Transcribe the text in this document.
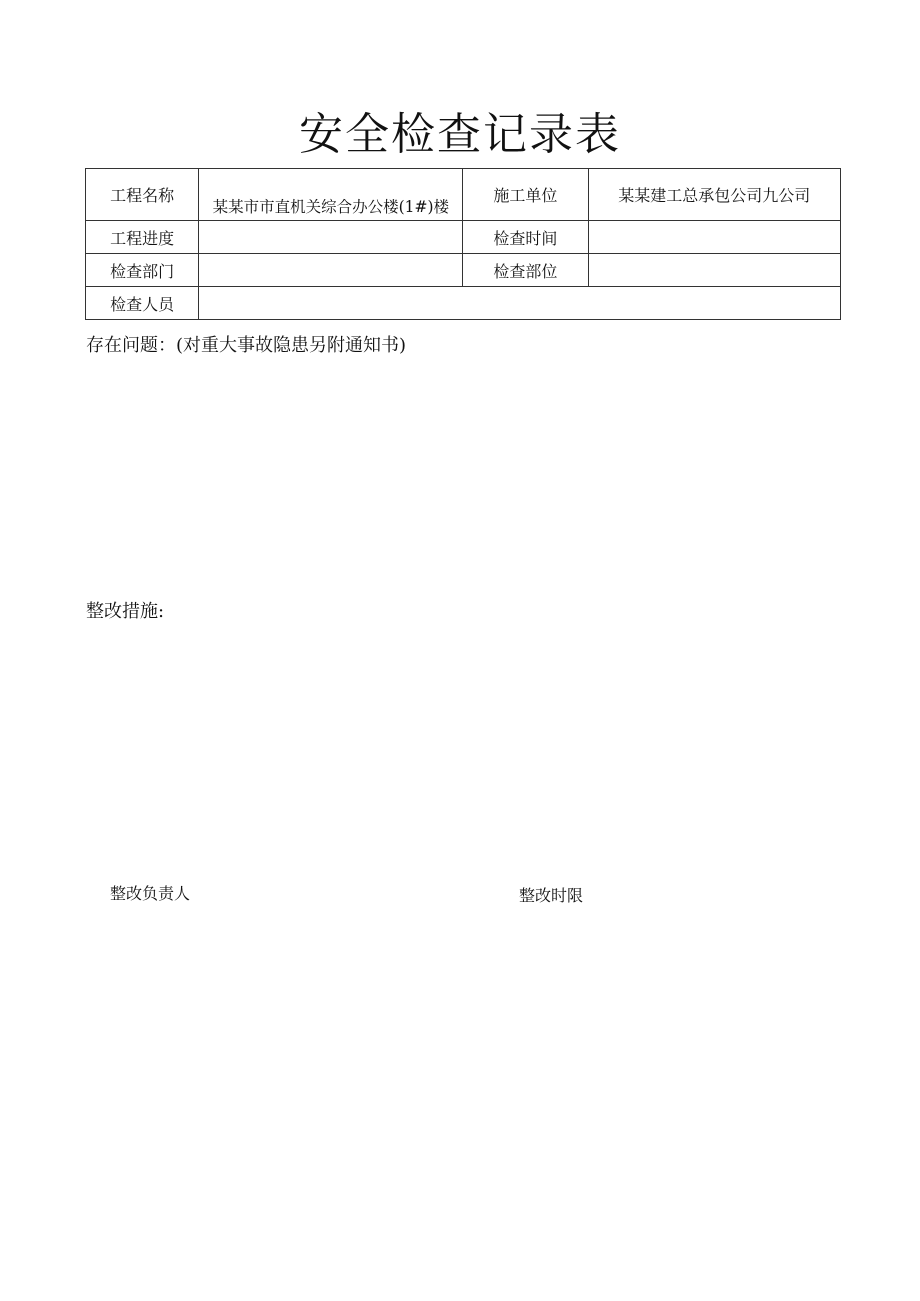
安全检查记录表
工程名称	某某市市直机关综合办公楼(1#)楼	施工单位	某某建工总承包公司九公司
工程进度		检查时间	
检查部门		检查部位	
检查人员			
存在问题：(对重大事故隐患另附通知书)
整改措施:
整改负责人	整改时限
